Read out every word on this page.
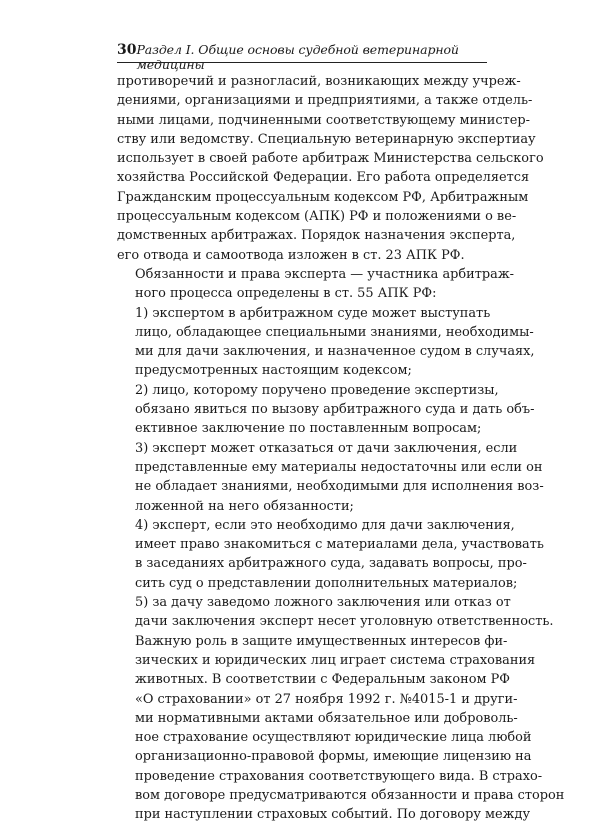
30 Раздел I. Общие основы судебной ветеринарной медицины

противоречий и разногласий, возникающих между учреж-
дениями, организациями и предприятиями, а также отдель-
ными лицами, подчиненными соответствующему министер-
ству или ведомству. Специальную ветеринарную экспертиау
использует в своей работе арбитраж Министерства сельского
хозяйства Российской Федерации. Его работа определяется
Гражданским процессуальным кодексом РФ, Арбитражным
процессуальным кодексом (АПК) РФ и положениями о ве-
домственных арбитражах. Порядок назначения эксперта,
его отвода и самоотвода изложен в ст. 23 АПК РФ.

Обязанности и права эксперта — участника арбитраж-
ного процесса определены в ст. 55 АПК РФ:

1) экспертом в арбитражном суде может выступать
лицо, обладающее специальными знаниями, необходимы-
ми для дачи заключения, и назначенное судом в случаях,
предусмотренных настоящим кодексом;

2) лицо, которому поручено проведение экспертизы,
обязано явиться по вызову арбитражного суда и дать объ-
ективное заключение по поставленным вопросам;

3) эксперт может отказаться от дачи заключения, если
представленные ему материалы недостаточны или если он
не обладает знаниями, необходимыми для исполнения воз-
ложенной на него обязанности;

4) эксперт, если это необходимо для дачи заключения,
имеет право знакомиться с материалами дела, участвовать
в заседаниях арбитражного суда, задавать вопросы, про-
сить суд о представлении дополнительных материалов;

5) за дачу заведомо ложного заключения или отказ от
дачи заключения эксперт несет уголовную ответственность.

Важную роль в защите имущественных интересов фи-
зических и юридических лиц играет система страхования
животных. В соответствии с Федеральным законом РФ
«О страховании» от 27 ноября 1992 г. №4015-1 и други-
ми нормативными актами обязательное или доброволь-
ное страхование осуществляют юридические лица любой
организационно-правовой формы, имеющие лицензию на
проведение страхования соответствующего вида. В страхо-
вом договоре предусматриваются обязанности и права сторон
при наступлении страховых событий. По договору между
